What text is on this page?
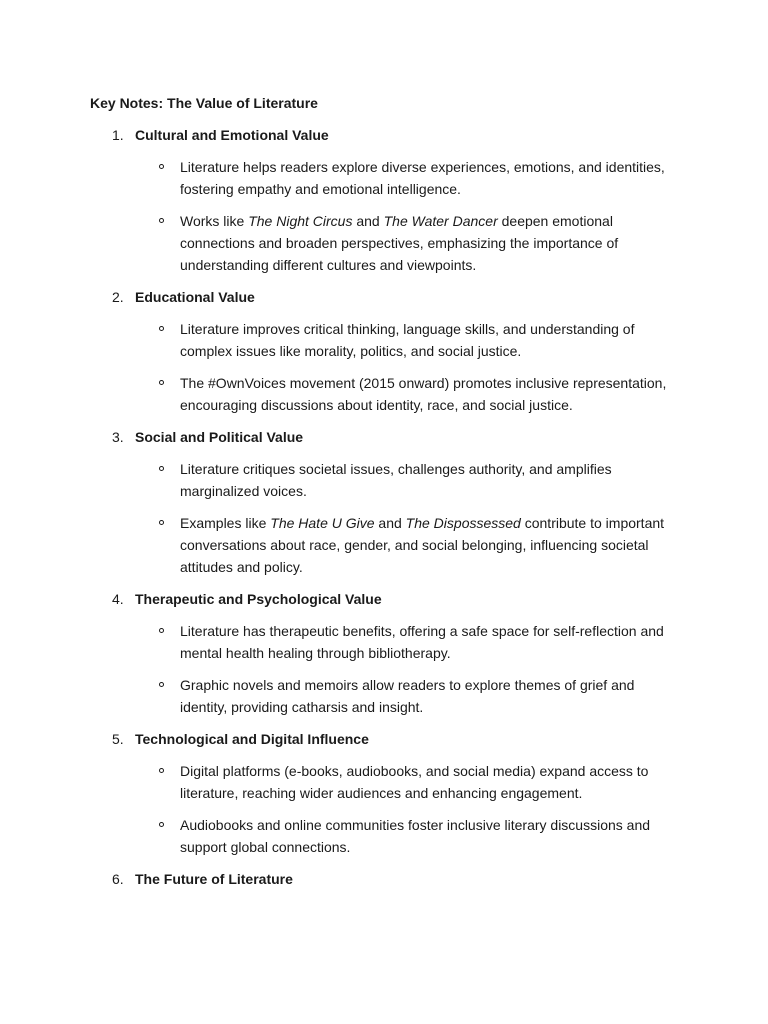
Key Notes: The Value of Literature
1. Cultural and Emotional Value
Literature helps readers explore diverse experiences, emotions, and identities, fostering empathy and emotional intelligence.
Works like The Night Circus and The Water Dancer deepen emotional connections and broaden perspectives, emphasizing the importance of understanding different cultures and viewpoints.
2. Educational Value
Literature improves critical thinking, language skills, and understanding of complex issues like morality, politics, and social justice.
The #OwnVoices movement (2015 onward) promotes inclusive representation, encouraging discussions about identity, race, and social justice.
3. Social and Political Value
Literature critiques societal issues, challenges authority, and amplifies marginalized voices.
Examples like The Hate U Give and The Dispossessed contribute to important conversations about race, gender, and social belonging, influencing societal attitudes and policy.
4. Therapeutic and Psychological Value
Literature has therapeutic benefits, offering a safe space for self-reflection and mental health healing through bibliotherapy.
Graphic novels and memoirs allow readers to explore themes of grief and identity, providing catharsis and insight.
5. Technological and Digital Influence
Digital platforms (e-books, audiobooks, and social media) expand access to literature, reaching wider audiences and enhancing engagement.
Audiobooks and online communities foster inclusive literary discussions and support global connections.
6. The Future of Literature
